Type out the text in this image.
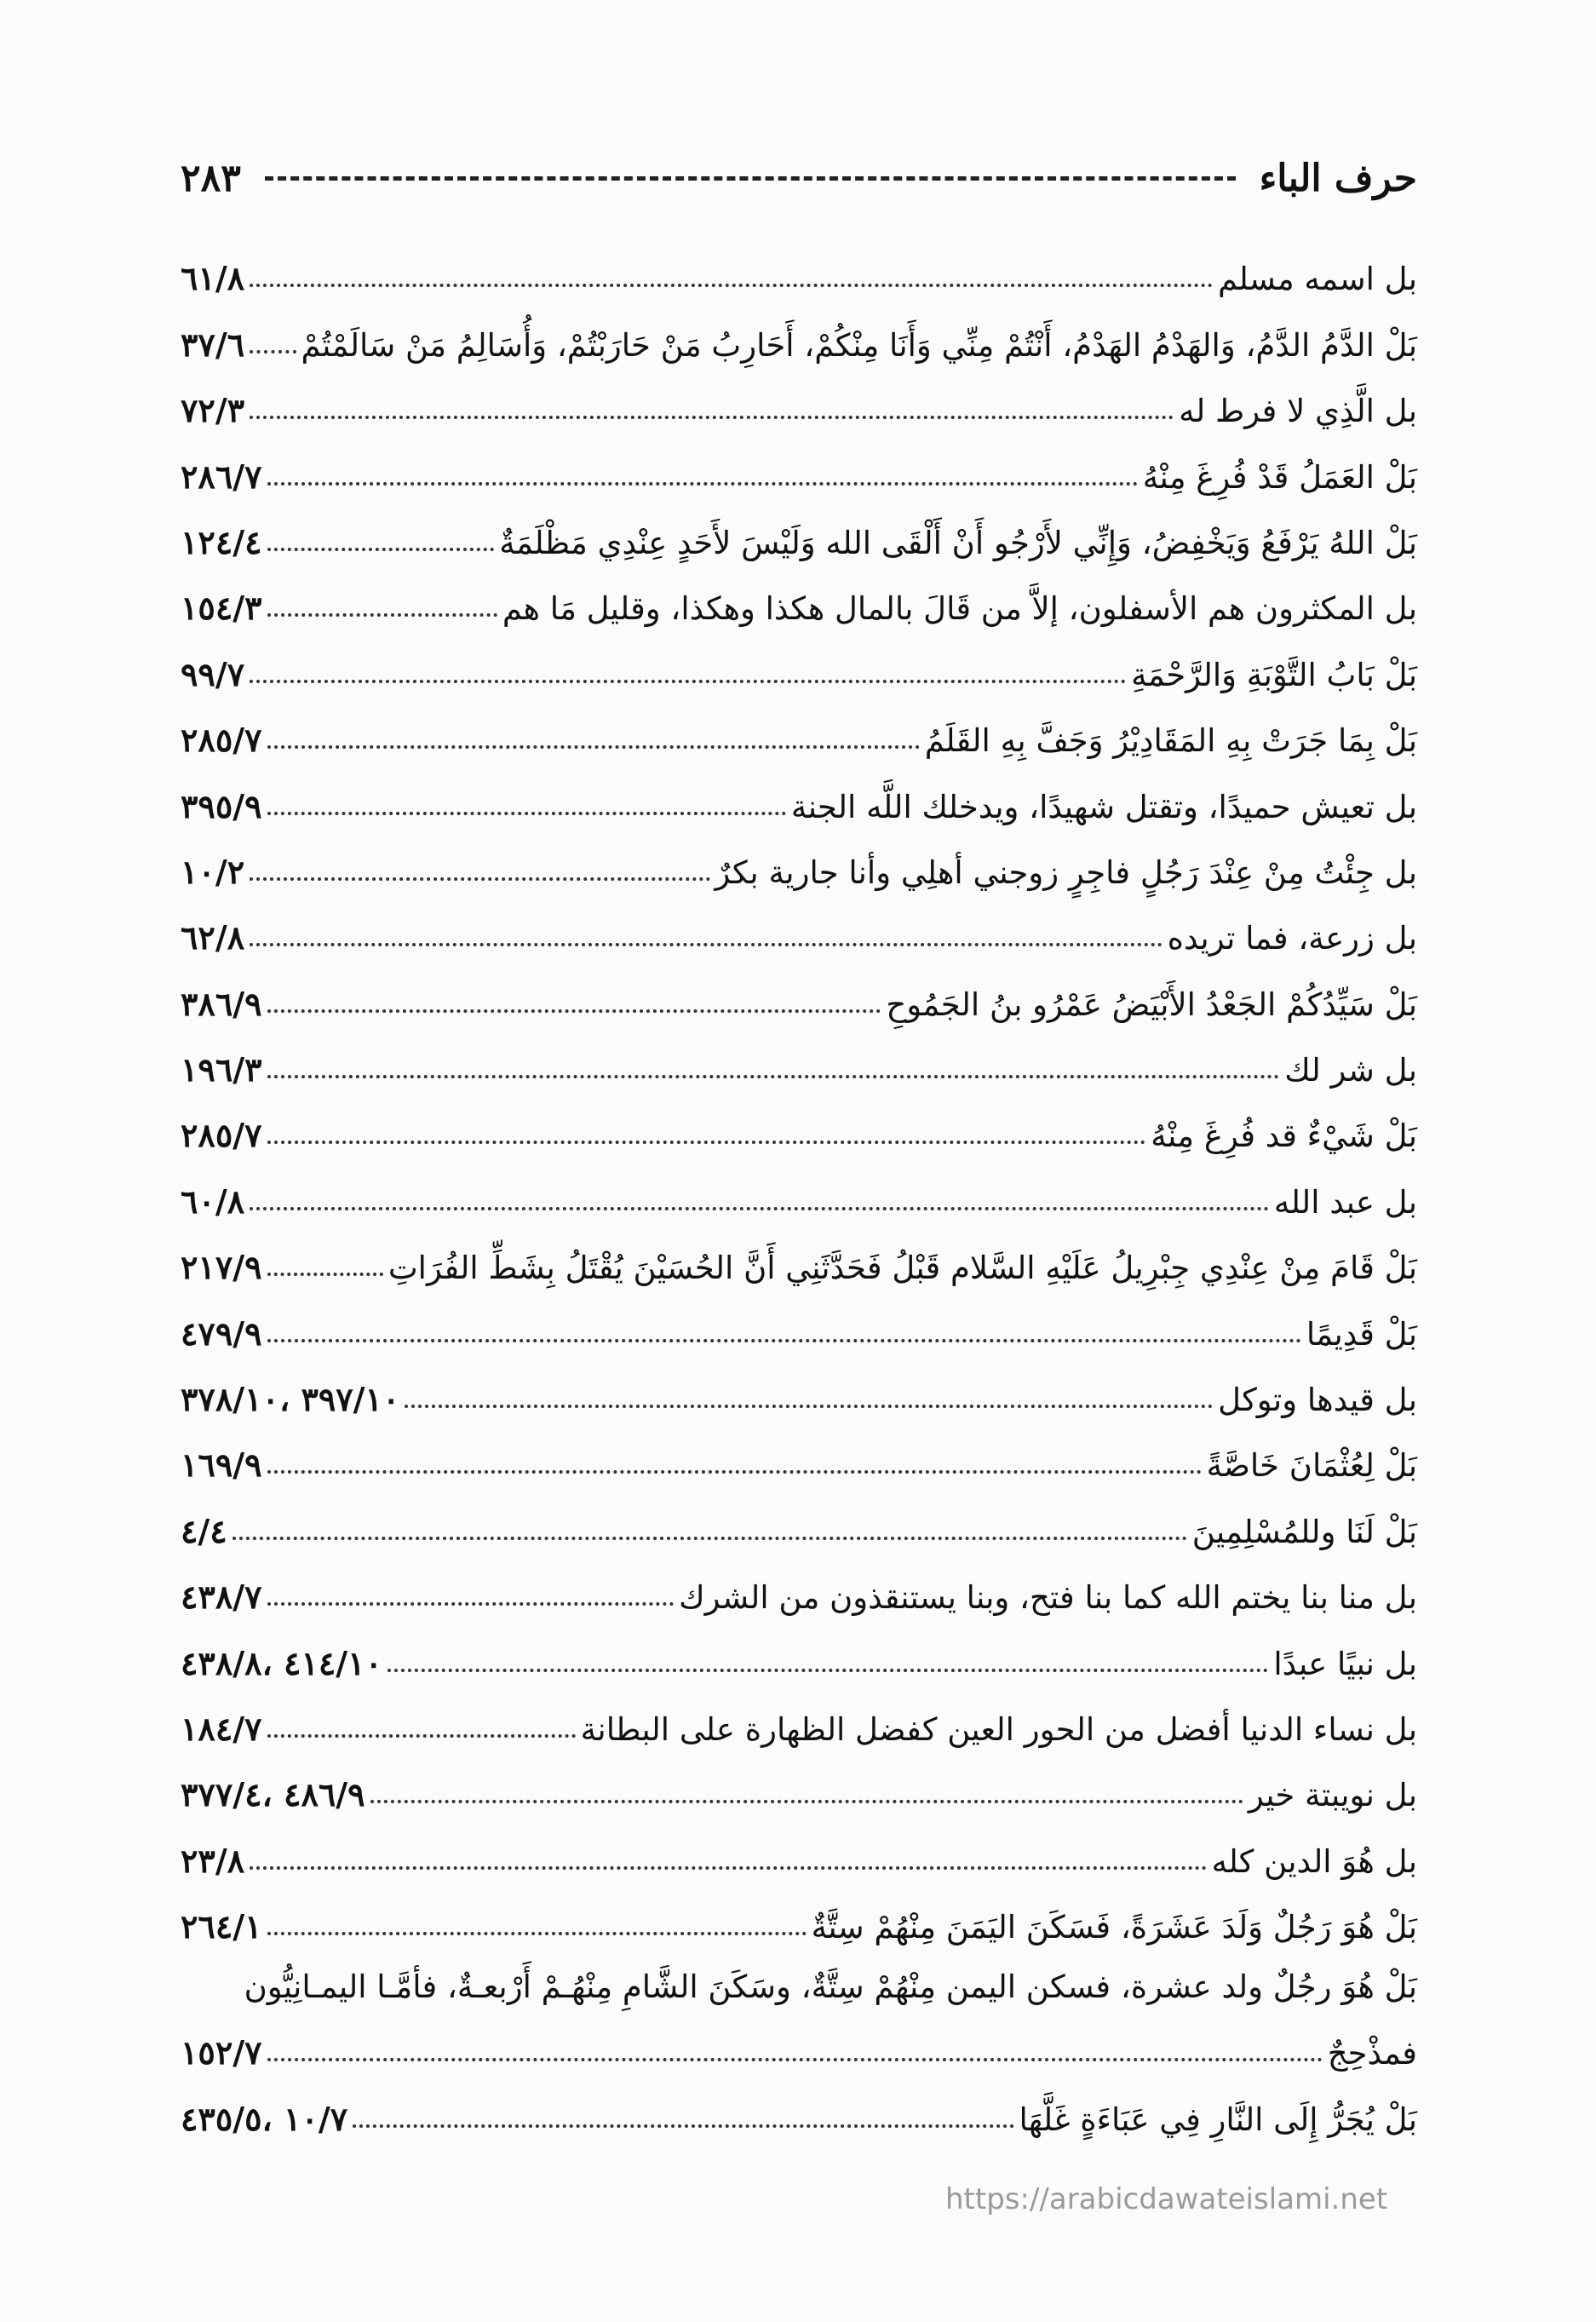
حرف الباء
٢٨٣
بل اسمه مسلم
٦١/٨
بَلْ الدَّمُ الدَّمُ، وَالهَدْمُ الهَدْمُ، أَنْتُمْ مِنِّي وَأَنَا مِنْكُمْ، أَحَارِبُ مَنْ حَارَبْتُمْ، وَأُسَالِمُ مَنْ سَالَمْتُمْ
٣٧/٦
بل الَّذِي لا فرط له
٧٢/٣
بَلْ العَمَلُ قَدْ فُرِغَ مِنْهُ
٢٨٦/٧
بَلْ اللهُ يَرْفَعُ وَيَخْفِضُ، وَإِنِّي لأَرْجُو أَنْ أَلْقَى الله وَلَيْسَ لأَحَدٍ عِنْدِي مَظْلَمَةٌ
١٢٤/٤
بل المكثرون هم الأسفلون، إلاَّ من قَالَ بالمال هكذا وهكذا، وقليل مَا هم
١٥٤/٣
بَلْ بَابُ التَّوْبَةِ وَالرَّحْمَةِ
٩٩/٧
بَلْ بِمَا جَرَتْ بِهِ المَقَادِيْرُ وَجَفَّ بِهِ القَلَمُ
٢٨٥/٧
بل تعيش حميدًا، وتقتل شهيدًا، ويدخلك اللَّه الجنة
٣٩٥/٩
بل جِئْتُ مِنْ عِنْدَ رَجُلٍ فاجِرٍ زوجني أهلِي وأنا جارية بكرٌ
١٠/٢
بل زرعة، فما تريده
٦٢/٨
بَلْ سَيِّدُكُمْ الجَعْدُ الأَبْيَضُ عَمْرُو بنُ الجَمُوحِ
٣٨٦/٩
بل شر لك
١٩٦/٣
بَلْ شَيْءٌ قد فُرِغَ مِنْهُ
٢٨٥/٧
بل عبد الله
٦٠/٨
بَلْ قَامَ مِنْ عِنْدِي جِبْرِيلُ عَلَيْهِ السَّلام قَبْلُ فَحَدَّثَنِي أَنَّ الحُسَيْنَ يُقْتَلُ بِشَطِّ الفُرَاتِ
٢١٧/٩
بَلْ قَدِيمًا
٤٧٩/٩
بل قيدها وتوكل
٣٩٧/١٠ ،٣٧٨/١٠
بَلْ لِعُثْمَانَ خَاصَّةً
١٦٩/٩
بَلْ لَنَا وللمُسْلِمِينَ
٤/٤
بل منا بنا يختم الله كما بنا فتح، وبنا يستنقذون من الشرك
٤٣٨/٧
بل نبيًا عبدًا
٤١٤/١٠ ،٤٣٨/٨
بل نساء الدنيا أفضل من الحور العين كفضل الظهارة على البطانة
١٨٤/٧
بل نويبتة خير
٤٨٦/٩ ،٣٧٧/٤
بل هُوَ الدين كله
٢٣/٨
بَلْ هُوَ رَجُلٌ وَلَدَ عَشَرَةً، فَسَكَنَ اليَمَنَ مِنْهُمْ سِتَّةٌ
٢٦٤/١
بَلْ هُوَ رجُلٌ ولد عشرة، فسكن اليمن مِنْهُمْ سِتَّةٌ، وسَكَنَ الشَّامِ مِنْهُـمْ أَرْبعـةٌ، فأمَّـا اليمـانِيُّون
فمذْحِجٌ
١٥٢/٧
بَلْ يُجَرُّ إِلَى النَّارِ فِي عَبَاءَةٍ غَلَّهَا
١٠/٧ ،٤٣٥/٥
https://arabicdawateislami.net
